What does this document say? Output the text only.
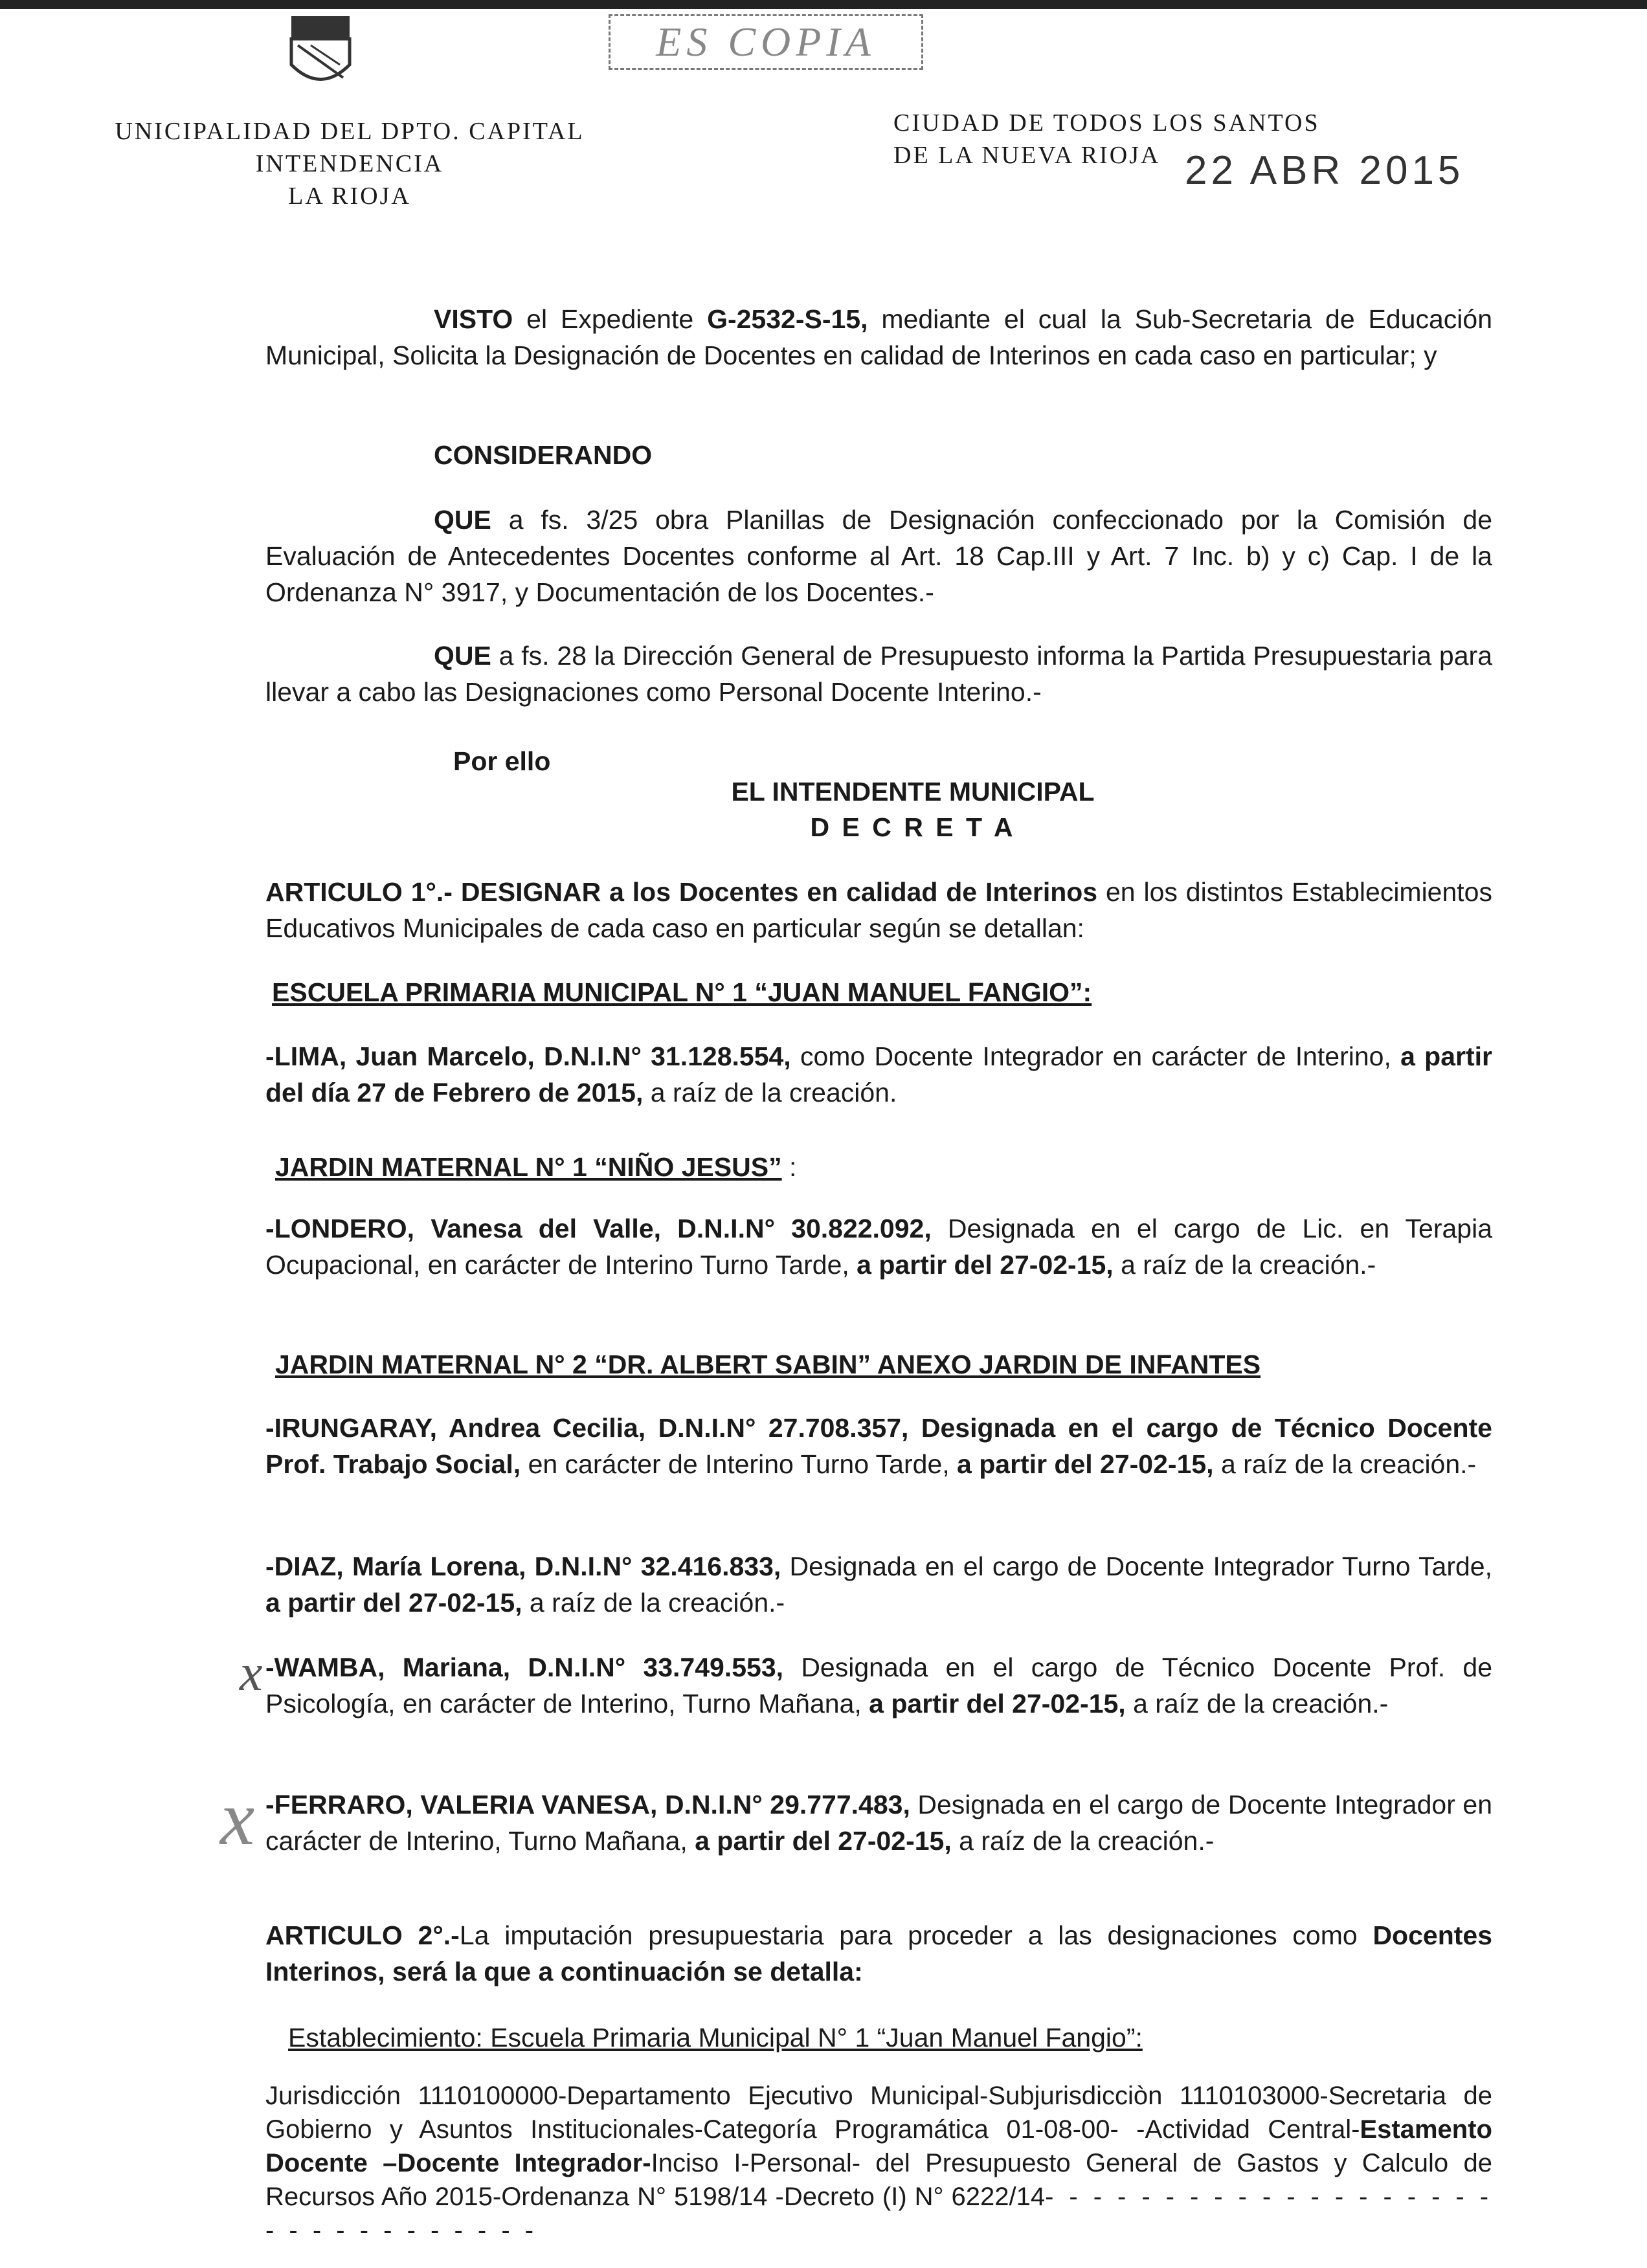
ES COPIA
UNICIPALIDAD DEL DPTO. CAPITAL
INTENDENCIA
LA RIOJA
CIUDAD DE TODOS LOS SANTOS
DE LA NUEVA RIOJA 22 ABR 2015
VISTO el Expediente G-2532-S-15, mediante el cual la Sub-Secretaria de Educación Municipal, Solicita la Designación de Docentes en calidad de Interinos en cada caso en particular; y
CONSIDERANDO
QUE a fs. 3/25 obra Planillas de Designación confeccionado por la Comisión de Evaluación de Antecedentes Docentes conforme al Art. 18 Cap.III y Art. 7 Inc. b) y c) Cap. I de la Ordenanza N° 3917, y Documentación de los Docentes.-
QUE a fs. 28 la Dirección General de Presupuesto informa la Partida Presupuestaria para llevar a cabo las Designaciones como Personal Docente Interino.-
Por ello
EL INTENDENTE MUNICIPAL
D E C R E T A
ARTICULO 1°.- DESIGNAR a los Docentes en calidad de Interinos en los distintos Establecimientos Educativos Municipales de cada caso en particular según se detallan:
ESCUELA PRIMARIA MUNICIPAL N° 1 “JUAN MANUEL FANGIO”:
-LIMA, Juan Marcelo, D.N.I.N° 31.128.554, como Docente Integrador en carácter de Interino, a partir del día 27 de Febrero de 2015, a raíz de la creación.
JARDIN MATERNAL N° 1 “NIÑO JESUS” :
-LONDERO, Vanesa del Valle, D.N.I.N° 30.822.092, Designada en el cargo de Lic. en Terapia Ocupacional, en carácter de Interino Turno Tarde, a partir del 27-02-15, a raíz de la creación.-
JARDIN MATERNAL N° 2 “DR. ALBERT SABIN” ANEXO JARDIN DE INFANTES
-IRUNGARAY, Andrea Cecilia, D.N.I.N° 27.708.357, Designada en el cargo de Técnico Docente Prof. Trabajo Social, en carácter de Interino Turno Tarde, a partir del 27-02-15, a raíz de la creación.-
-DIAZ, María Lorena, D.N.I.N° 32.416.833, Designada en el cargo de Docente Integrador Turno Tarde, a partir del 27-02-15, a raíz de la creación.-
x -WAMBA, Mariana, D.N.I.N° 33.749.553, Designada en el cargo de Técnico Docente Prof. de Psicología, en carácter de Interino, Turno Mañana, a partir del 27-02-15, a raíz de la creación.-
x -FERRARO, VALERIA VANESA, D.N.I.N° 29.777.483, Designada en el cargo de Docente Integrador en carácter de Interino, Turno Mañana, a partir del 27-02-15, a raíz de la creación.-
ARTICULO 2°.-La imputación presupuestaria para proceder a las designaciones como Docentes Interinos, será la que a continuación se detalla:
Establecimiento: Escuela Primaria Municipal N° 1 “Juan Manuel Fangio”:
Jurisdicción 1110100000-Departamento Ejecutivo Municipal-Subjurisdicciòn 1110103000-Secretaria de Gobierno y Asuntos Institucionales-Categoría Programática 01-08-00- -Actividad Central-Estamento Docente –Docente Integrador-Inciso I-Personal- del Presupuesto General de Gastos y Calculo de Recursos Año 2015-Ordenanza N° 5198/14 -Decreto (I) N° 6222/14- - - - - - - - - - - - - - - - - - - - - - - - - - - - - - -
